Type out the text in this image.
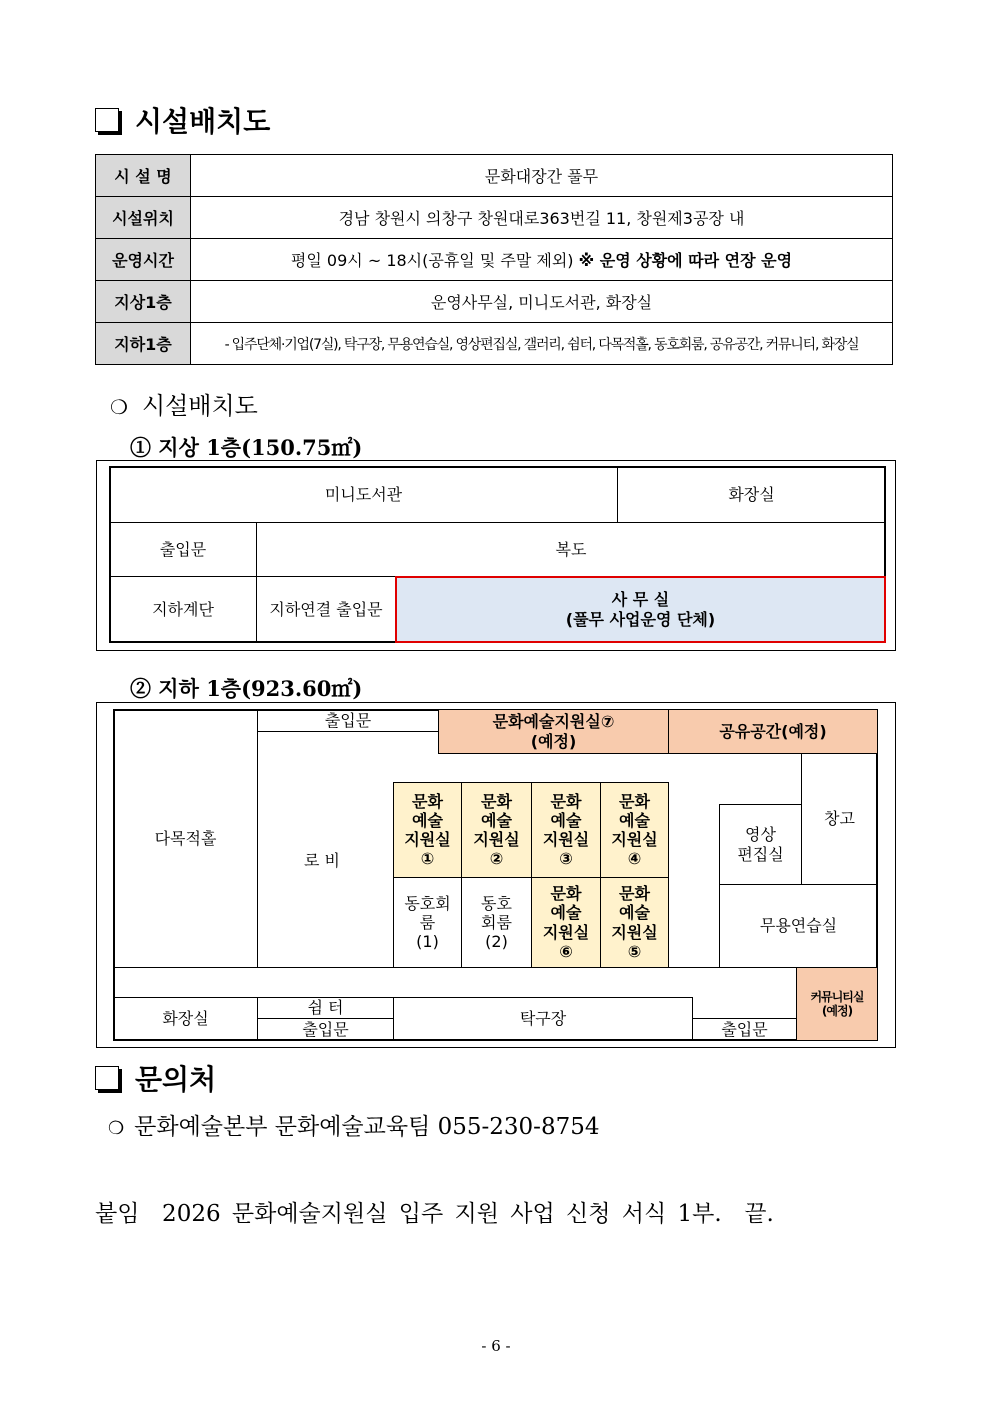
시설배치도
시 설 명	문화대장간 풀무
시설위치	경남 창원시 의창구 창원대로363번길 11, 창원제3공장 내
운영시간	평일 09시 ~ 18시(공휴일 및 주말 제외) ※ 운영 상황에 따라 연장 운영
지상1층	운영사무실, 미니도서관, 화장실
지하1층	- 입주단체·기업(7실), 탁구장, 무용연습실, 영상편집실, 갤러리, 쉼터, 다목적홀, 동호회룸, 공유공간, 커뮤니티, 화장실
❍ 시설배치도
① 지상 1층(150.75㎡)
미니도서관	화장실
출입문	복도
지하계단	지하연결 출입문
사 무 실
(풀무 사업운영 단체)
② 지하 1층(923.60㎡)
다목적홀
출입문	문화예술지원실⑦
(예정)
공유공간(예정)
로 비
문화
예술
지원실
①
문화
예술
지원실
②
문화
예술
지원실
③
문화
예술
지원실
④
동호회
룸
(1)
동호
회룸
(2)
문화
예술
지원실
⑥
문화
예술
지원실
⑤
창고
영상
편집실
무용연습실
커뮤니티실
(예정)
화장실
쉼 터
출입문
탁구장
출입문
문의처
❍ 문화예술본부 문화예술교육팀 055-230-8754
붙임  2026 문화예술지원실 입주 지원 사업 신청 서식 1부.  끝.
- 6 -
